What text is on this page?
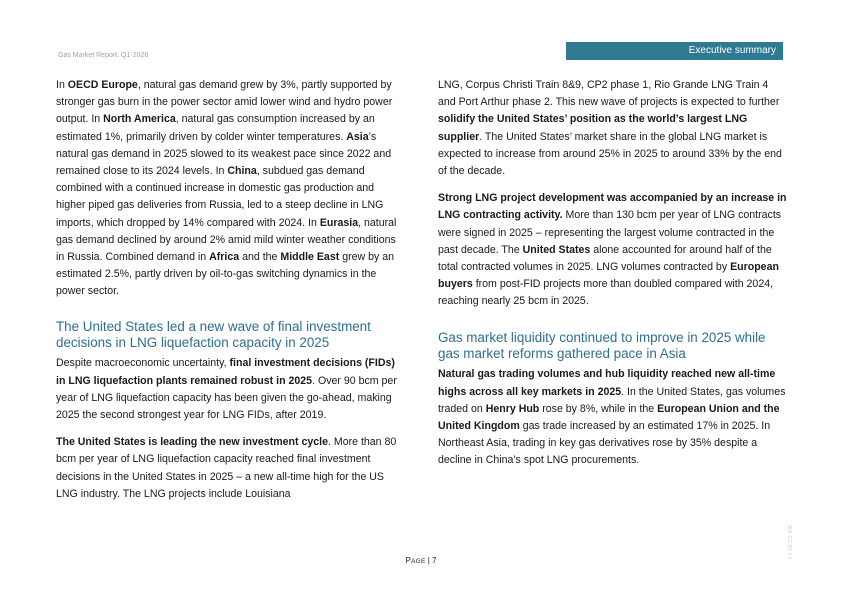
Gas Market Report, Q1-2026	Executive summary

In OECD Europe, natural gas demand grew by 3%, partly supported by stronger gas burn in the power sector amid lower wind and hydro power output. In North America, natural gas consumption increased by an estimated 1%, primarily driven by colder winter temperatures. Asia’s natural gas demand in 2025 slowed to its weakest pace since 2022 and remained close to its 2024 levels. In China, subdued gas demand combined with a continued increase in domestic gas production and higher piped gas deliveries from Russia, led to a steep decline in LNG imports, which dropped by 14% compared with 2024. In Eurasia, natural gas demand declined by around 2% amid mild winter weather conditions in Russia. Combined demand in Africa and the Middle East grew by an estimated 2.5%, partly driven by oil-to-gas switching dynamics in the power sector.

The United States led a new wave of final investment decisions in LNG liquefaction capacity in 2025

Despite macroeconomic uncertainty, final investment decisions (FIDs) in LNG liquefaction plants remained robust in 2025. Over 90 bcm per year of LNG liquefaction capacity has been given the go-ahead, making 2025 the second strongest year for LNG FIDs, after 2019.

The United States is leading the new investment cycle. More than 80 bcm per year of LNG liquefaction capacity reached final investment decisions in the United States in 2025 – a new all-time high for the US LNG industry. The LNG projects include Louisiana

LNG, Corpus Christi Train 8&9, CP2 phase 1, Rio Grande LNG Train 4 and Port Arthur phase 2. This new wave of projects is expected to further solidify the United States’ position as the world’s largest LNG supplier. The United States’ market share in the global LNG market is expected to increase from around 25% in 2025 to around 33% by the end of the decade.

Strong LNG project development was accompanied by an increase in LNG contracting activity. More than 130 bcm per year of LNG contracts were signed in 2025 – representing the largest volume contracted in the past decade. The United States alone accounted for around half of the total contracted volumes in 2025. LNG volumes contracted by European buyers from post-FID projects more than doubled compared with 2024, reaching nearly 25 bcm in 2025.

Gas market liquidity continued to improve in 2025 while gas market reforms gathered pace in Asia

Natural gas trading volumes and hub liquidity reached new all-time highs across all key markets in 2025. In the United States, gas volumes traded on Henry Hub rose by 8%, while in the European Union and the United Kingdom gas trade increased by an estimated 17% in 2025. In Northeast Asia, trading in key gas derivatives rose by 35% despite a decline in China’s spot LNG procurements.

PAGE | 7	IEA. CC BY 4.0.
